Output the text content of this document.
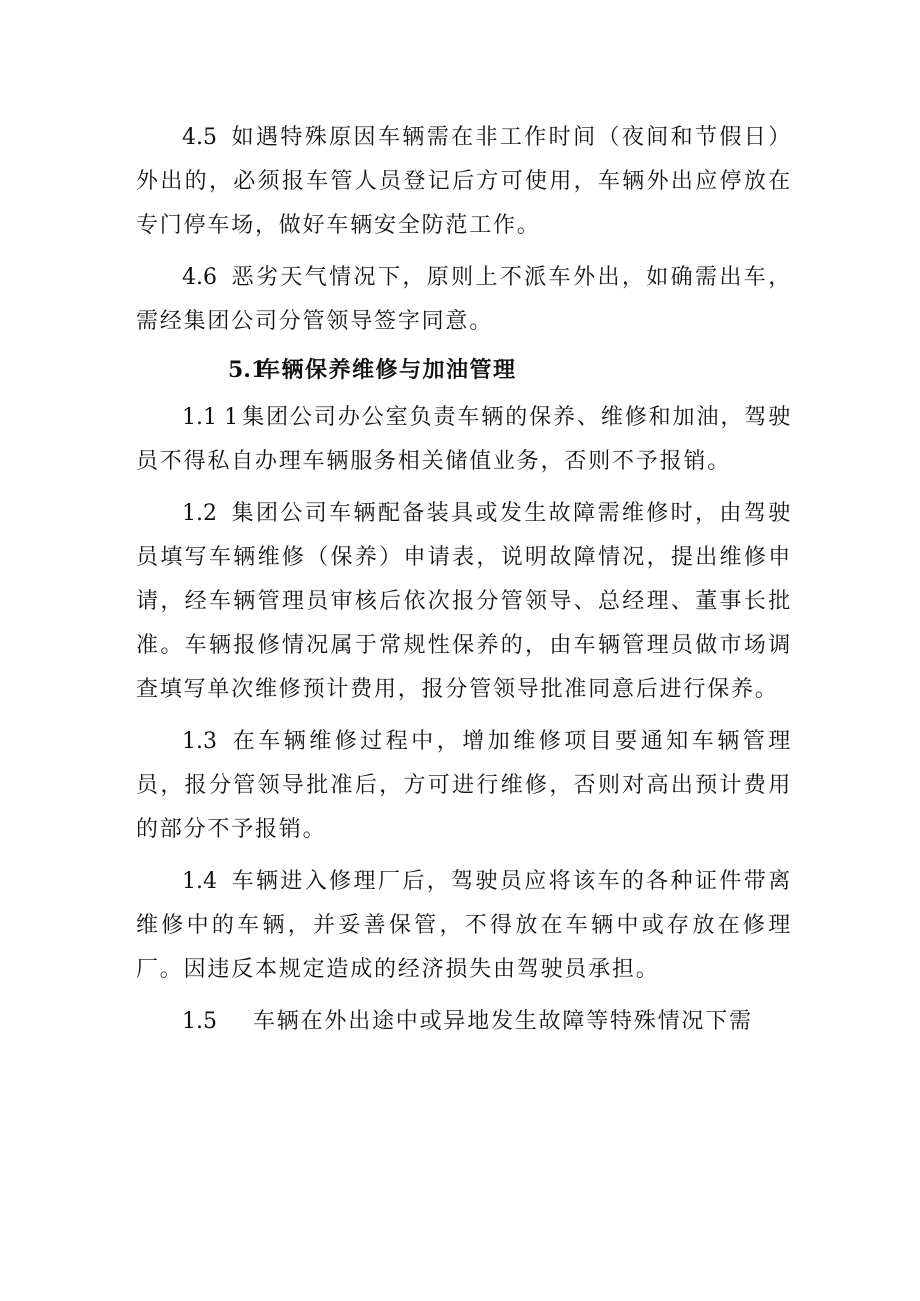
4.5 如遇特殊原因车辆需在非工作时间（夜间和节假日）外出的，必须报车管人员登记后方可使用，车辆外出应停放在专门停车场，做好车辆安全防范工作。

4.6 恶劣天气情况下，原则上不派车外出，如确需出车，需经集团公司分管领导签字同意。

5.1车辆保养维修与加油管理

1.1 1 集团公司办公室负责车辆的保养、维修和加油，驾驶员不得私自办理车辆服务相关储值业务，否则不予报销。

1.2 集团公司车辆配备装具或发生故障需维修时，由驾驶员填写车辆维修（保养）申请表，说明故障情况，提出维修申请，经车辆管理员审核后依次报分管领导、总经理、董事长批准。车辆报修情况属于常规性保养的，由车辆管理员做市场调查填写单次维修预计费用，报分管领导批准同意后进行保养。

1.3 在车辆维修过程中，增加维修项目要通知车辆管理员，报分管领导批准后，方可进行维修，否则对高出预计费用的部分不予报销。

1.4 车辆进入修理厂后，驾驶员应将该车的各种证件带离维修中的车辆，并妥善保管，不得放在车辆中或存放在修理厂。因违反本规定造成的经济损失由驾驶员承担。

1.5 车辆在外出途中或异地发生故障等特殊情况下需
